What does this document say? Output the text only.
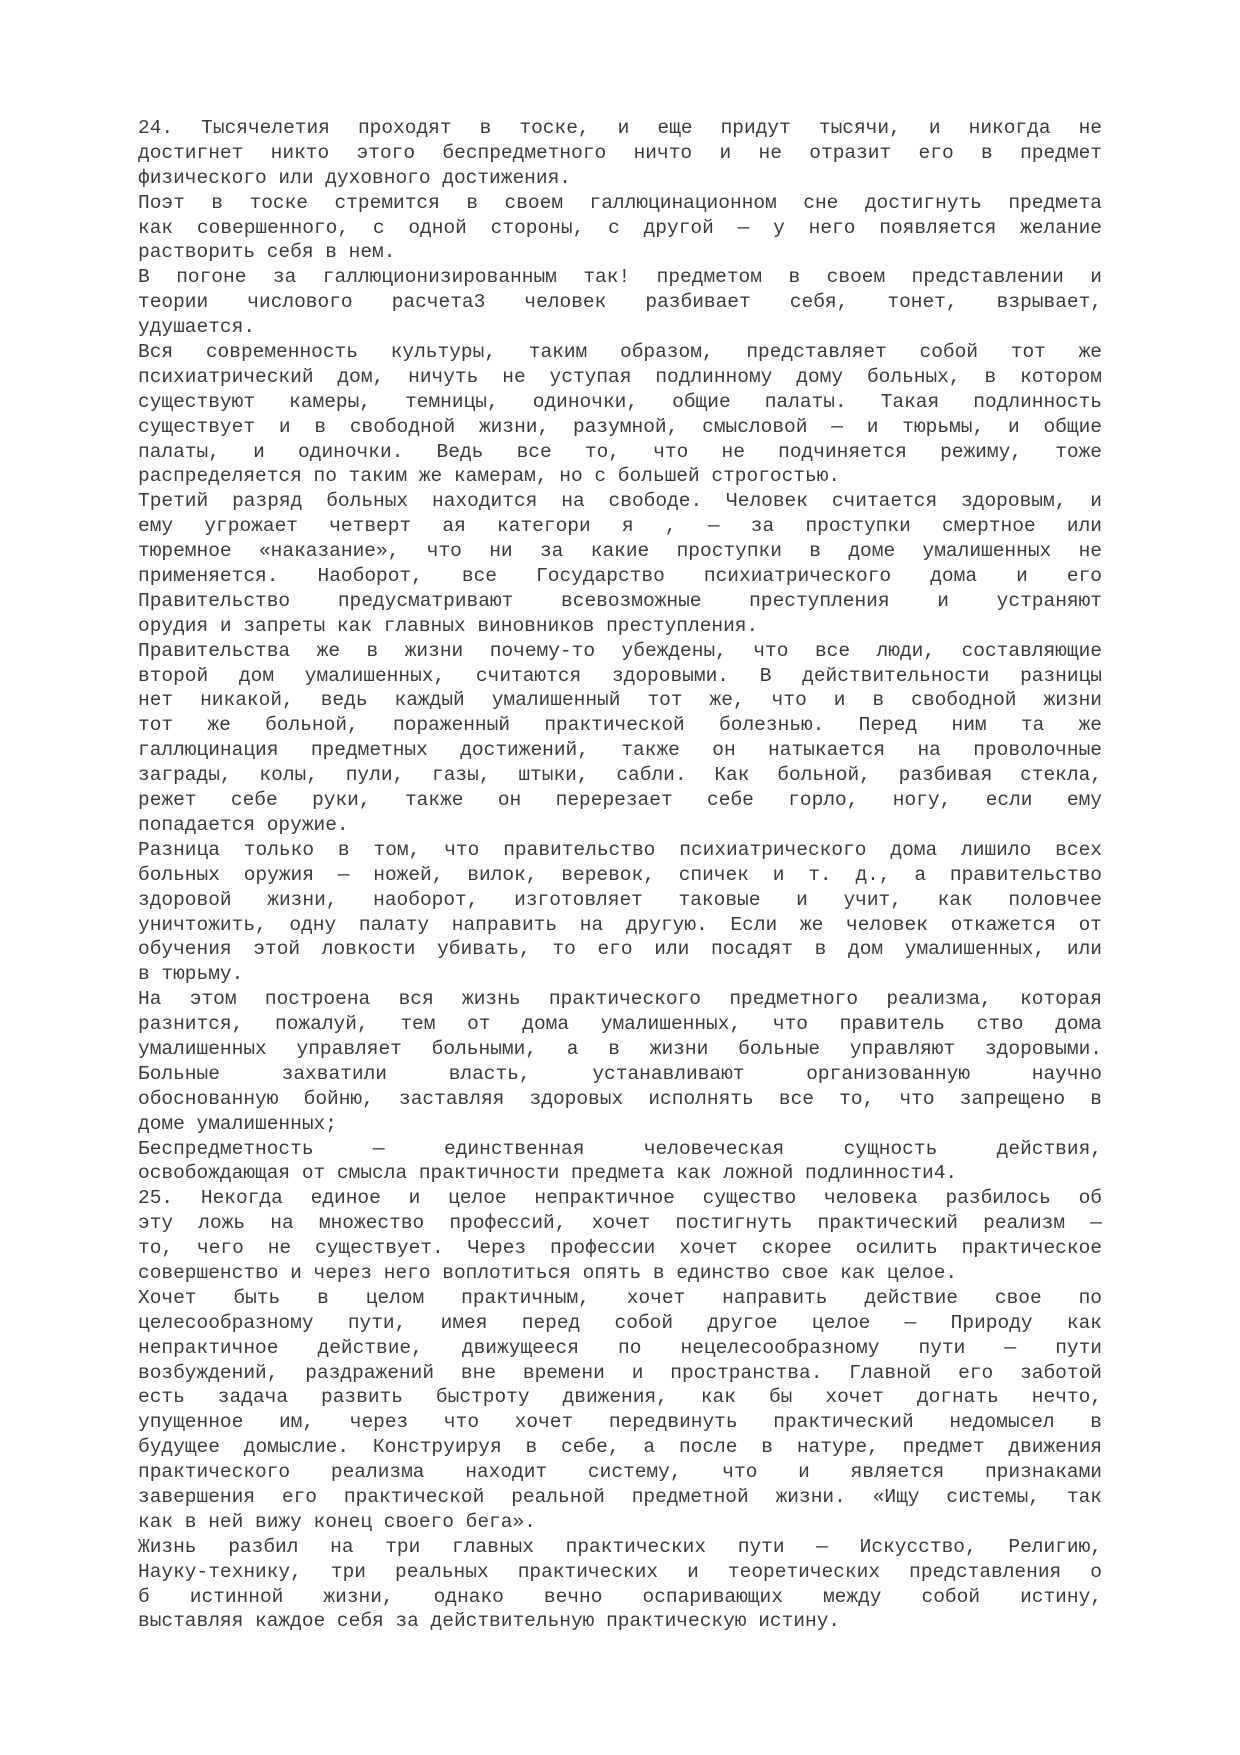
24. Тысячелетия проходят в тоске, и еще придут тысячи, и никогда не
достигнет никто этого беспредметного ничто и не отразит его в предмет
физического или духовного достижения.
Поэт в тоске стремится в своем галлюцинационном сне достигнуть предмета
как совершенного, с одной стороны, с другой — у него появляется желание
растворить себя в нем.
В погоне за галлюционизированным так! предметом в своем представлении и
теории числового расчета3 человек разбивает себя, тонет, взрывает,
удушается.
Вся современность культуры, таким образом, представляет собой тот же
психиатрический дом, ничуть не уступая подлинному дому больных, в котором
существуют камеры, темницы, одиночки, общие палаты. Такая подлинность
существует и в свободной жизни, разумной, смысловой — и тюрьмы, и общие
палаты, и одиночки. Ведь все то, что не подчиняется режиму, тоже
распределяется по таким же камерам, но с большей строгостью.
Третий разряд больных находится на свободе. Человек считается здоровым, и
ему угрожает четверт ая категори я , — за проступки смертное или
тюремное «наказание», что ни за какие проступки в доме умалишенных не
применяется. Наоборот, все Государство психиатрического дома и его
Правительство предусматривают всевозможные преступления и устраняют
орудия и запреты как главных виновников преступления.
Правительства же в жизни почему-то убеждены, что все люди, составляющие
второй дом умалишенных, считаются здоровыми. В действительности разницы
нет никакой, ведь каждый умалишенный тот же, что и в свободной жизни
тот же больной, пораженный практической болезнью. Перед ним та же
галлюцинация предметных достижений, также он натыкается на проволочные
заграды, колы, пули, газы, штыки, сабли. Как больной, разбивая стекла,
режет себе руки, также он перерезает себе горло, ногу, если ему
попадается оружие.
Разница только в том, что правительство психиатрического дома лишило всех
больных оружия — ножей, вилок, веревок, спичек и т. д., а правительство
здоровой жизни, наоборот, изготовляет таковые и учит, как половчее
уничтожить, одну палату направить на другую. Если же человек откажется от
обучения этой ловкости убивать, то его или посадят в дом умалишенных, или
в тюрьму.
На этом построена вся жизнь практического предметного реализма, которая
разнится, пожалуй, тем от дома умалишенных, что правитель ство дома
умалишенных управляет больными, а в жизни больные управляют здоровыми.
Больные захватили власть, устанавливают организованную научно
обоснованную бойню, заставляя здоровых исполнять все то, что запрещено в
доме умалишенных;
Беспредметность — единственная человеческая сущность действия,
освобождающая от смысла практичности предмета как ложной подлинности4.
25. Некогда единое и целое непрактичное существо человека разбилось об
эту ложь на множество профессий, хочет постигнуть практический реализм —
то, чего не существует. Через профессии хочет скорее осилить практическое
совершенство и через него воплотиться опять в единство свое как целое.
Хочет быть в целом практичным, хочет направить действие свое по
целесообразному пути, имея перед собой другое целое — Природу как
непрактичное действие, движущееся по нецелесообразному пути — пути
возбуждений, раздражений вне времени и пространства. Главной его заботой
есть задача развить быстроту движения, как бы хочет догнать нечто,
упущенное им, через что хочет передвинуть практический недомысел в
будущее домыслие. Конструируя в себе, а после в натуре, предмет движения
практического реализма находит систему, что и является признаками
завершения его практической реальной предметной жизни. «Ищу системы, так
как в ней вижу конец своего бега».
Жизнь разбил на три главных практических пути — Искусство, Религию,
Науку-технику, три реальных практических и теоретических представления о
б истинной жизни, однако вечно оспаривающих между собой истину,
выставляя каждое себя за действительную практическую истину.
